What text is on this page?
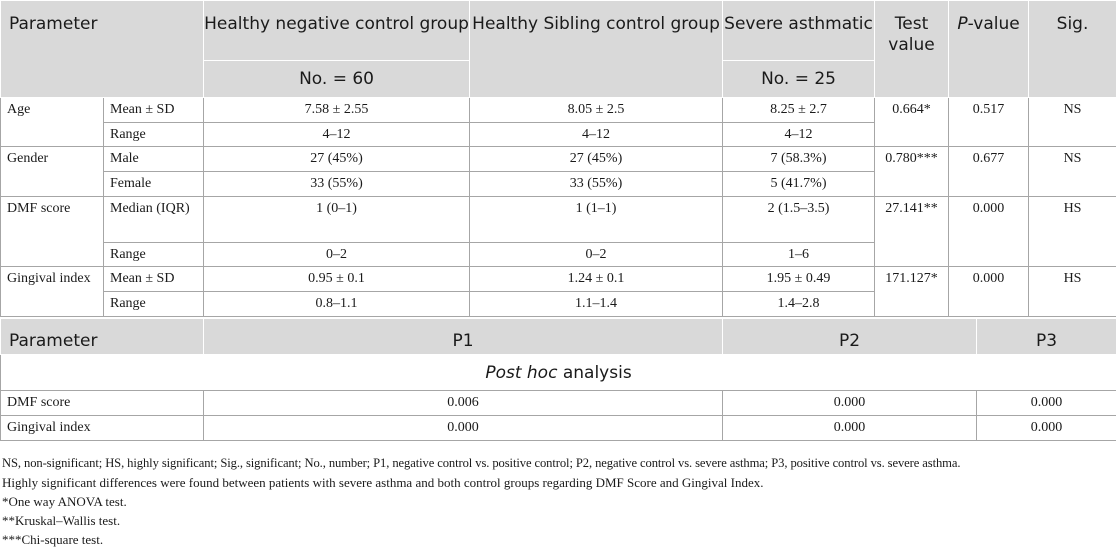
Parameter		Healthy negative control group	Healthy Sibling control group	Severe asthmatic	Test value	P-value	Sig.
		No. = 60		No. = 25			
Age	Mean ± SD	7.58 ± 2.55	8.05 ± 2.5	8.25 ± 2.7	0.664*	0.517	NS
	Range	4–12	4–12	4–12			
Gender	Male	27 (45%)	27 (45%)	7 (58.3%)	0.780***	0.677	NS
	Female	33 (55%)	33 (55%)	5 (41.7%)			
DMF score	Median (IQR)	1 (0–1)	1 (1–1)	2 (1.5–3.5)	27.141**	0.000	HS
	Range	0–2	0–2	1–6			
Gingival index	Mean ± SD	0.95 ± 0.1	1.24 ± 0.1	1.95 ± 0.49	171.127*	0.000	HS
	Range	0.8–1.1	1.1–1.4	1.4–2.8			
Post hoc analysis			
Parameter	P1	P2	P3
DMF score	0.006	0.000	0.000
Gingival index	0.000	0.000	0.000
NS, non-significant; HS, highly significant; Sig., significant; No., number; P1, negative control vs. positive control; P2, negative control vs. severe asthma; P3, positive control vs. severe asthma.
Highly significant differences were found between patients with severe asthma and both control groups regarding DMF Score and Gingival Index.
*One way ANOVA test.
**Kruskal–Wallis test.
***Chi-square test.
